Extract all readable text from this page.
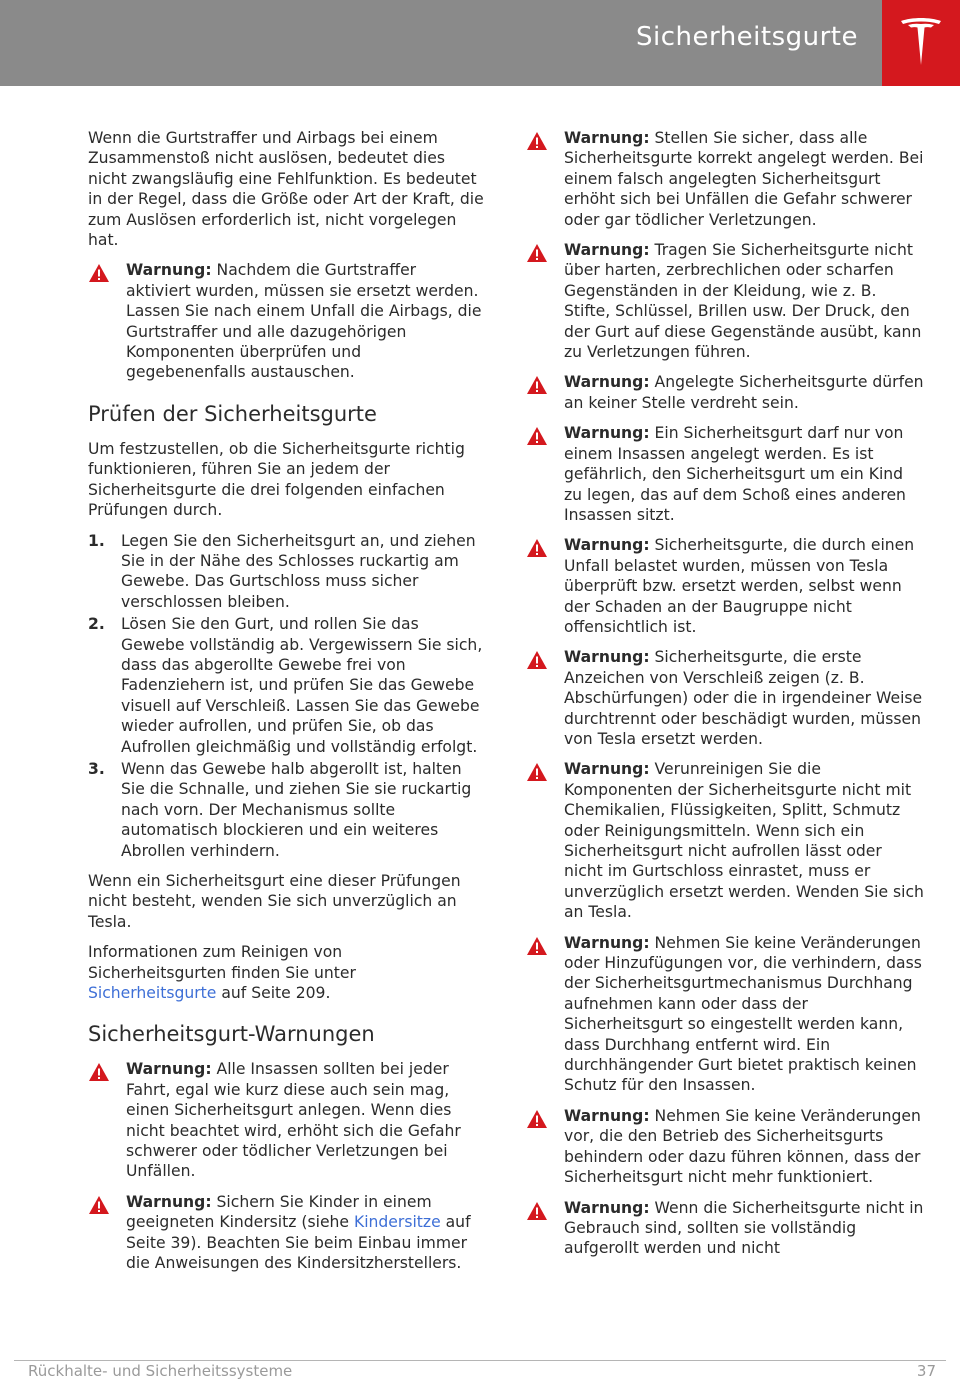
Sicherheitsgurte

Wenn die Gurtstraffer und Airbags bei einem Zusammenstoß nicht auslösen, bedeutet dies nicht zwangsläufig eine Fehlfunktion. Es bedeutet in der Regel, dass die Größe oder Art der Kraft, die zum Auslösen erforderlich ist, nicht vorgelegen hat.

Warnung: Nachdem die Gurtstraffer aktiviert wurden, müssen sie ersetzt werden. Lassen Sie nach einem Unfall die Airbags, die Gurtstraffer und alle dazugehörigen Komponenten überprüfen und gegebenenfalls austauschen.
Prüfen der Sicherheitsgurte

Um festzustellen, ob die Sicherheitsgurte richtig funktionieren, führen Sie an jedem der Sicherheitsgurte die drei folgenden einfachen Prüfungen durch.

1. Legen Sie den Sicherheitsgurt an, und ziehen Sie in der Nähe des Schlosses ruckartig am Gewebe. Das Gurtschloss muss sicher verschlossen bleiben.
2. Lösen Sie den Gurt, und rollen Sie das Gewebe vollständig ab. Vergewissern Sie sich, dass das abgerollte Gewebe frei von Fadenziehern ist, und prüfen Sie das Gewebe visuell auf Verschleiß. Lassen Sie das Gewebe wieder aufrollen, und prüfen Sie, ob das Aufrollen gleichmäßig und vollständig erfolgt.
3. Wenn das Gewebe halb abgerollt ist, halten Sie die Schnalle, und ziehen Sie sie ruckartig nach vorn. Der Mechanismus sollte automatisch blockieren und ein weiteres Abrollen verhindern.

Wenn ein Sicherheitsgurt eine dieser Prüfungen nicht besteht, wenden Sie sich unverzüglich an Tesla.

Informationen zum Reinigen von Sicherheitsgurten finden Sie unter Sicherheitsgurte auf Seite 209.

Sicherheitsgurt-Warnungen
Warnung: Alle Insassen sollten bei jeder Fahrt, egal wie kurz diese auch sein mag, einen Sicherheitsgurt anlegen. Wenn dies nicht beachtet wird, erhöht sich die Gefahr schwerer oder tödlicher Verletzungen bei Unfällen.
Warnung: Sichern Sie Kinder in einem geeigneten Kindersitz (siehe Kindersitze auf Seite 39). Beachten Sie beim Einbau immer die Anweisungen des Kindersitzherstellers.
Warnung: Stellen Sie sicher, dass alle Sicherheitsgurte korrekt angelegt werden. Bei einem falsch angelegten Sicherheitsgurt erhöht sich bei Unfällen die Gefahr schwerer oder gar tödlicher Verletzungen.
Warnung: Tragen Sie Sicherheitsgurte nicht über harten, zerbrechlichen oder scharfen Gegenständen in der Kleidung, wie z. B. Stifte, Schlüssel, Brillen usw. Der Druck, den der Gurt auf diese Gegenstände ausübt, kann zu Verletzungen führen.
Warnung: Angelegte Sicherheitsgurte dürfen an keiner Stelle verdreht sein.
Warnung: Ein Sicherheitsgurt darf nur von einem Insassen angelegt werden. Es ist gefährlich, den Sicherheitsgurt um ein Kind zu legen, das auf dem Schoß eines anderen Insassen sitzt.
Warnung: Sicherheitsgurte, die durch einen Unfall belastet wurden, müssen von Tesla überprüft bzw. ersetzt werden, selbst wenn der Schaden an der Baugruppe nicht offensichtlich ist.
Warnung: Sicherheitsgurte, die erste Anzeichen von Verschleiß zeigen (z. B. Abschürfungen) oder die in irgendeiner Weise durchtrennt oder beschädigt wurden, müssen von Tesla ersetzt werden.
Warnung: Verunreinigen Sie die Komponenten der Sicherheitsgurte nicht mit Chemikalien, Flüssigkeiten, Splitt, Schmutz oder Reinigungsmitteln. Wenn sich ein Sicherheitsgurt nicht aufrollen lässt oder nicht im Gurtschloss einrastet, muss er unverzüglich ersetzt werden. Wenden Sie sich an Tesla.
Warnung: Nehmen Sie keine Veränderungen oder Hinzufügungen vor, die verhindern, dass der Sicherheitsgurtmechanismus Durchhang aufnehmen kann oder dass der Sicherheitsgurt so eingestellt werden kann, dass Durchhang entfernt wird. Ein durchhängender Gurt bietet praktisch keinen Schutz für den Insassen.
Warnung: Nehmen Sie keine Veränderungen vor, die den Betrieb des Sicherheitsgurts behindern oder dazu führen können, dass der Sicherheitsgurt nicht mehr funktioniert.
Warnung: Wenn die Sicherheitsgurte nicht in Gebrauch sind, sollten sie vollständig aufgerollt werden und nicht
Rückhalte- und Sicherheitssysteme	37
